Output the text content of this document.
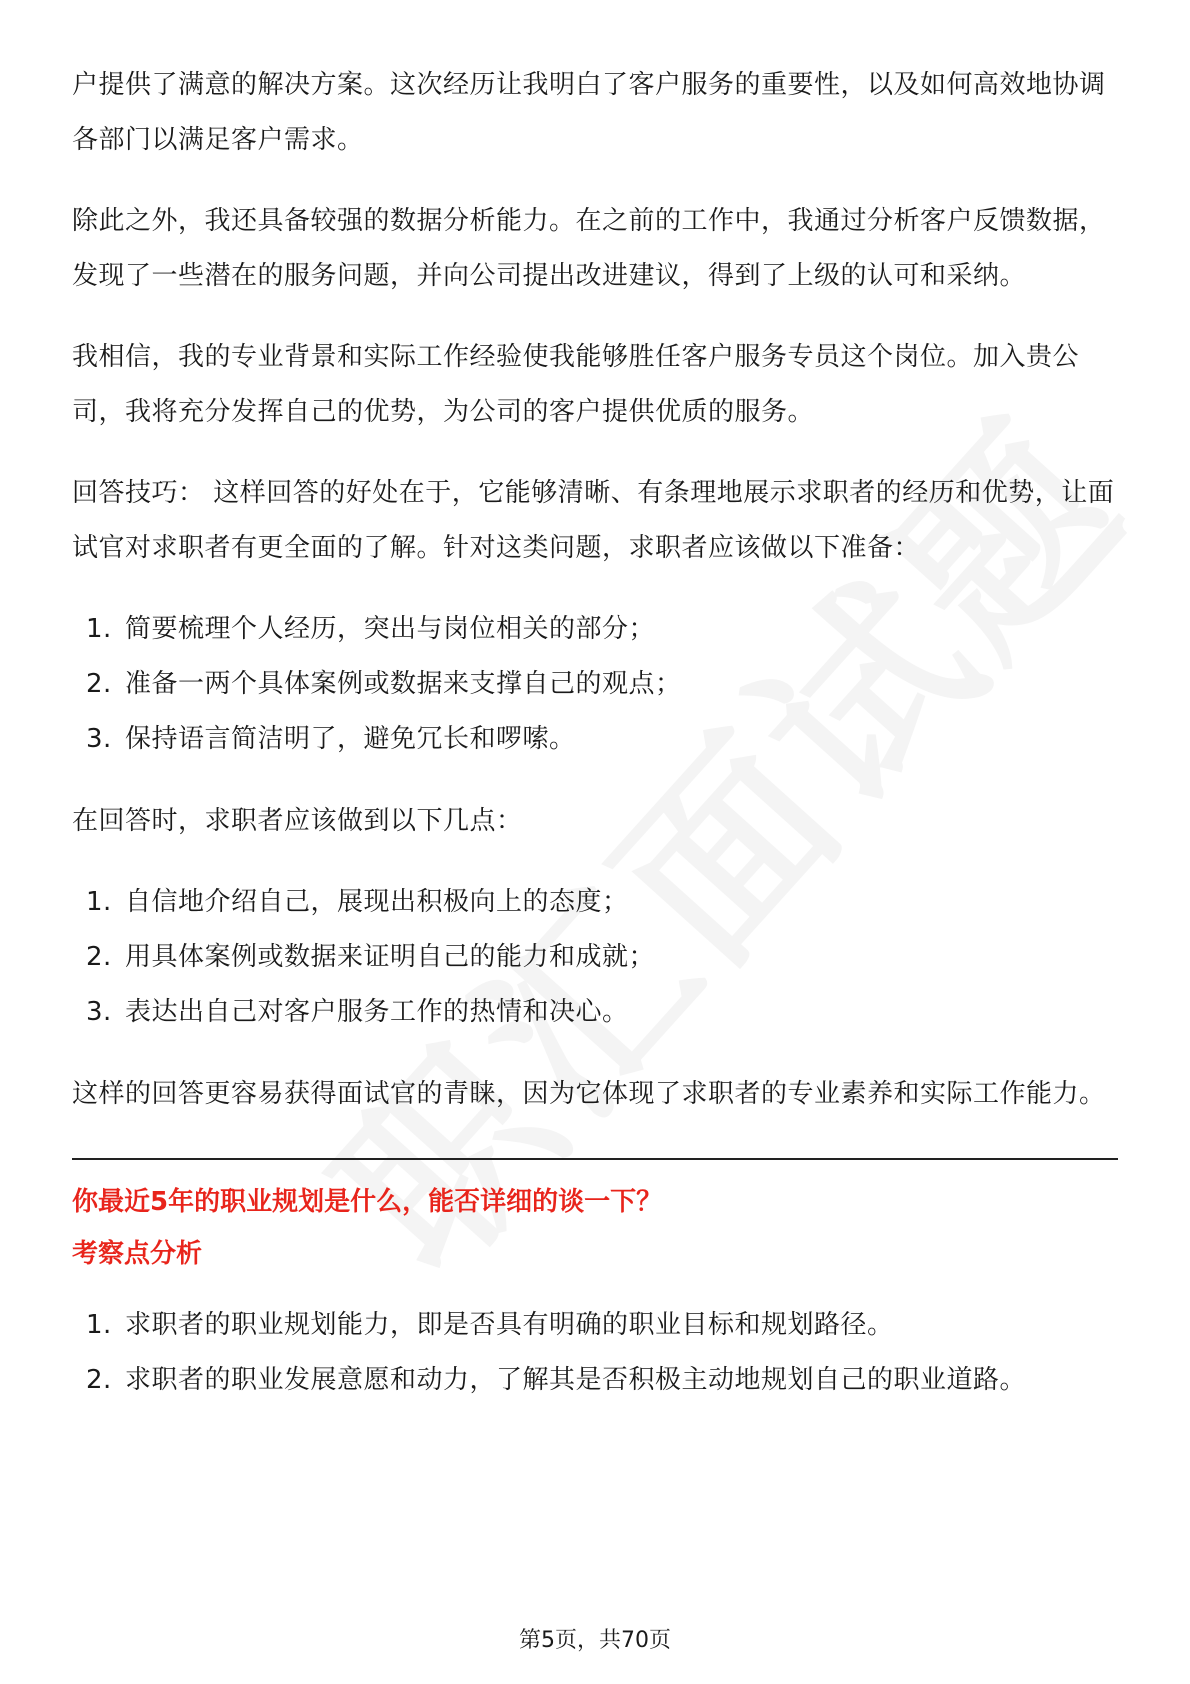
户提供了满意的解决方案。这次经历让我明白了客户服务的重要性，以及如何高效地协调各部门以满足客户需求。

除此之外，我还具备较强的数据分析能力。在之前的工作中，我通过分析客户反馈数据，发现了一些潜在的服务问题，并向公司提出改进建议，得到了上级的认可和采纳。

我相信，我的专业背景和实际工作经验使我能够胜任客户服务专员这个岗位。加入贵公司，我将充分发挥自己的优势，为公司的客户提供优质的服务。

回答技巧： 这样回答的好处在于，它能够清晰、有条理地展示求职者的经历和优势，让面试官对求职者有更全面的了解。针对这类问题，求职者应该做以下准备：

1. 简要梳理个人经历，突出与岗位相关的部分；
2. 准备一两个具体案例或数据来支撑自己的观点；
3. 保持语言简洁明了，避免冗长和啰嗦。

在回答时，求职者应该做到以下几点：

1. 自信地介绍自己，展现出积极向上的态度；
2. 用具体案例或数据来证明自己的能力和成就；
3. 表达出自己对客户服务工作的热情和决心。

这样的回答更容易获得面试官的青睐，因为它体现了求职者的专业素养和实际工作能力。

你最近5年的职业规划是什么，能否详细的谈一下？
考察点分析
1. 求职者的职业规划能力，即是否具有明确的职业目标和规划路径。
2. 求职者的职业发展意愿和动力，了解其是否积极主动地规划自己的职业道路。
第5页，共70页
